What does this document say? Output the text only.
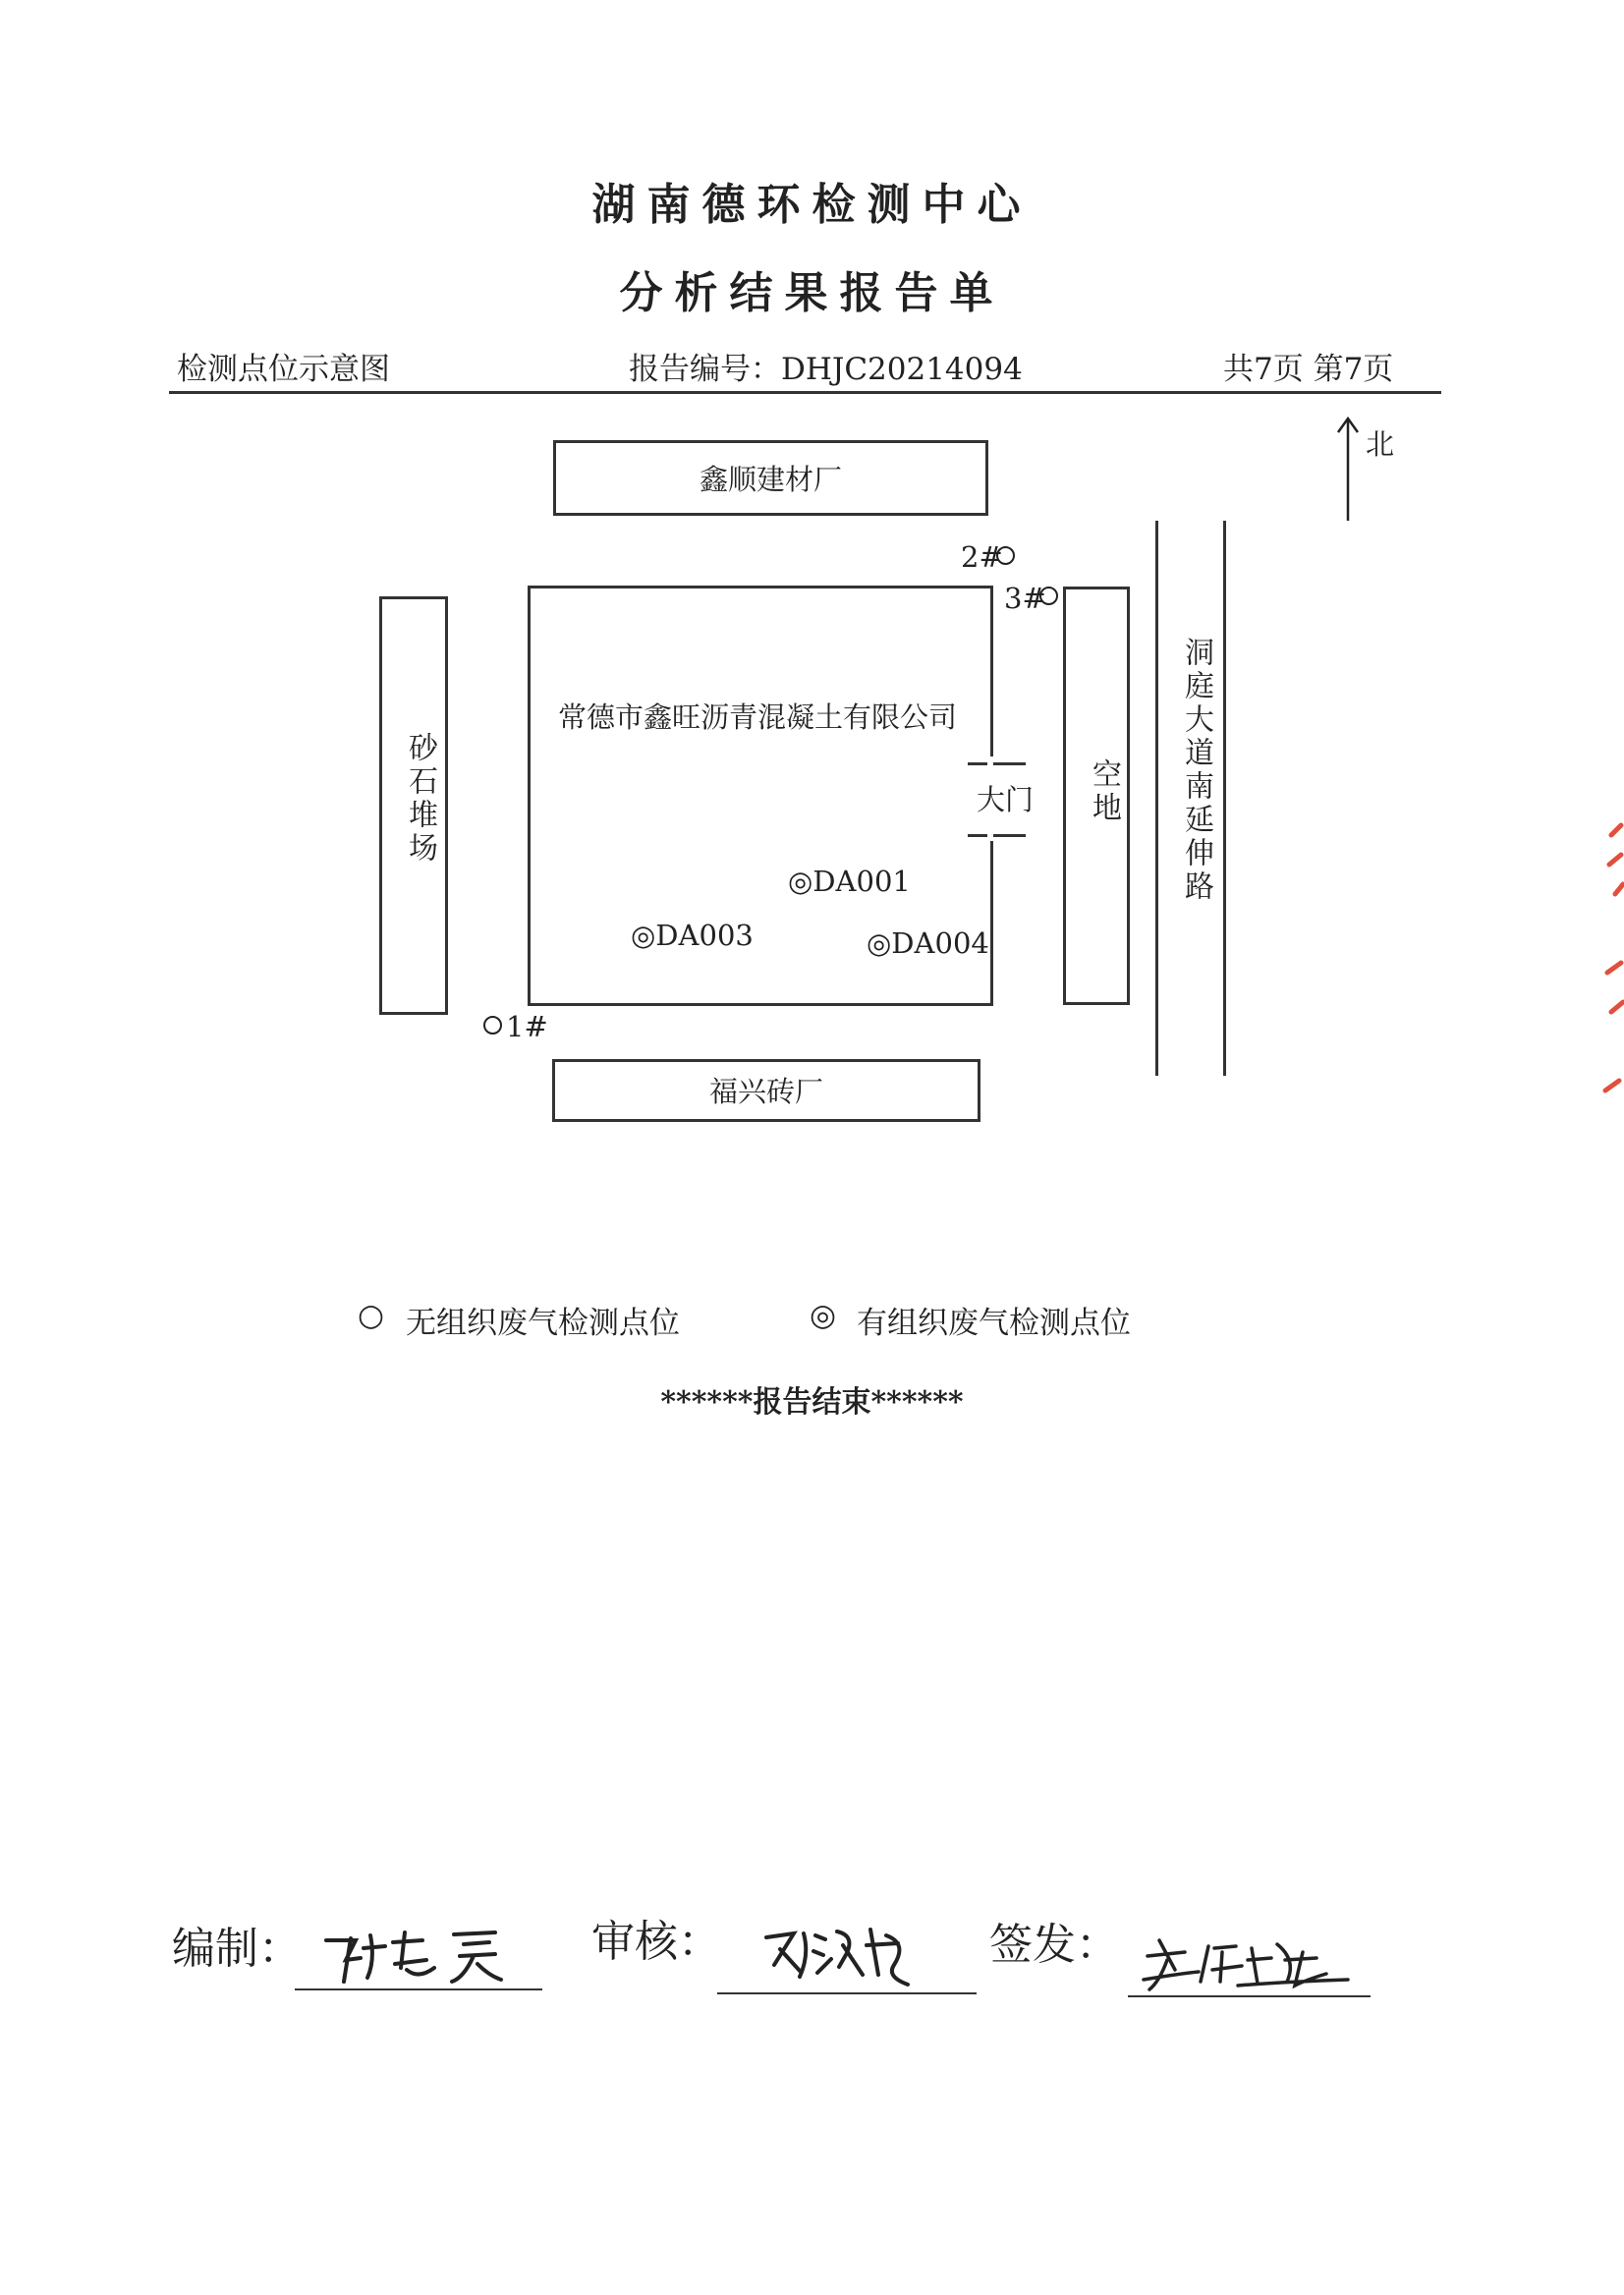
湖南德环检测中心
分析结果报告单
检测点位示意图	报告编号：DHJC20214094	共7页 第7页
北
鑫顺建材厂
2#
3#
砂石堆场
常德市鑫旺沥青混凝土有限公司
大门
◎DA001
◎DA003	◎DA004
空地 洞庭大道南延伸路
1#
福兴砖厂
○ 无组织废气检测点位	◎ 有组织废气检测点位
******报告结束******
编制：	审核：	签发：
